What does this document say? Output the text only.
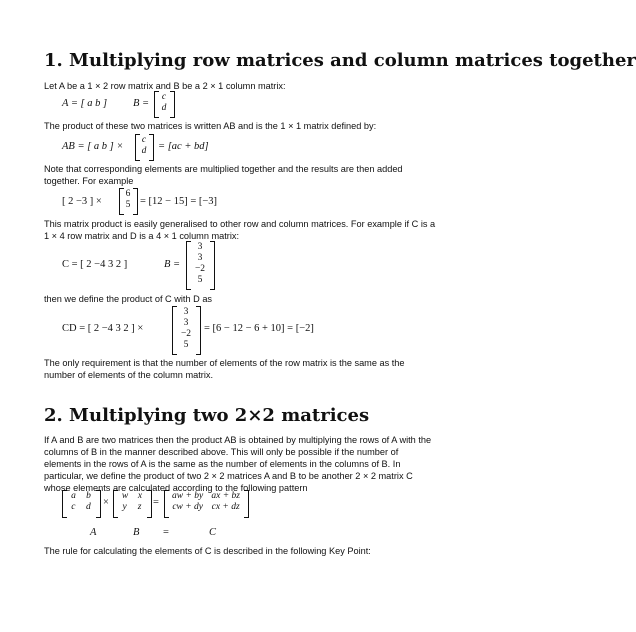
1. Multiplying row matrices and column matrices together

Let A be a 1 × 2 row matrix and B be a 2 × 1 column matrix:

A = [ a b ] B =
c
d

The product of these two matrices is written AB and is the 1 × 1 matrix defined by:

AB = [ a b ] ×
c
d = [ac + bd]

Note that corresponding elements are multiplied together and the results are then added together. For example

[ 2 −3 ] ×
6
5 = [12 − 15] = [−3]

This matrix product is easily generalised to other row and column matrices. For example if C is a 1 × 4 row matrix and D is a 4 × 1 column matrix:

C = [ 2 −4 3 2 ]	B =
3
3
−2
5

then we define the product of C with D as

CD = [ 2 −4 3 2 ] ×
3
3
−2
5
= [6 − 12 − 6 + 10] = [−2]

The only requirement is that the number of elements of the row matrix is the same as the number of elements of the column matrix.

2. Multiplying two 2×2 matrices

If A and B are two matrices then the product AB is obtained by multiplying the rows of A with the columns of B in the manner described above. This will only be possible if the number of elements in the rows of A is the same as the number of elements in the columns of B. In particular, we define the product of two 2 × 2 matrices A and B to be another 2 × 2 matrix C whose elements are calculated according to the following pattern

a b
c d ×
w x
y z =
aw + by ax + bz
cw + dy cx + dz
A	B =	C

The rule for calculating the elements of C is described in the following Key Point:
